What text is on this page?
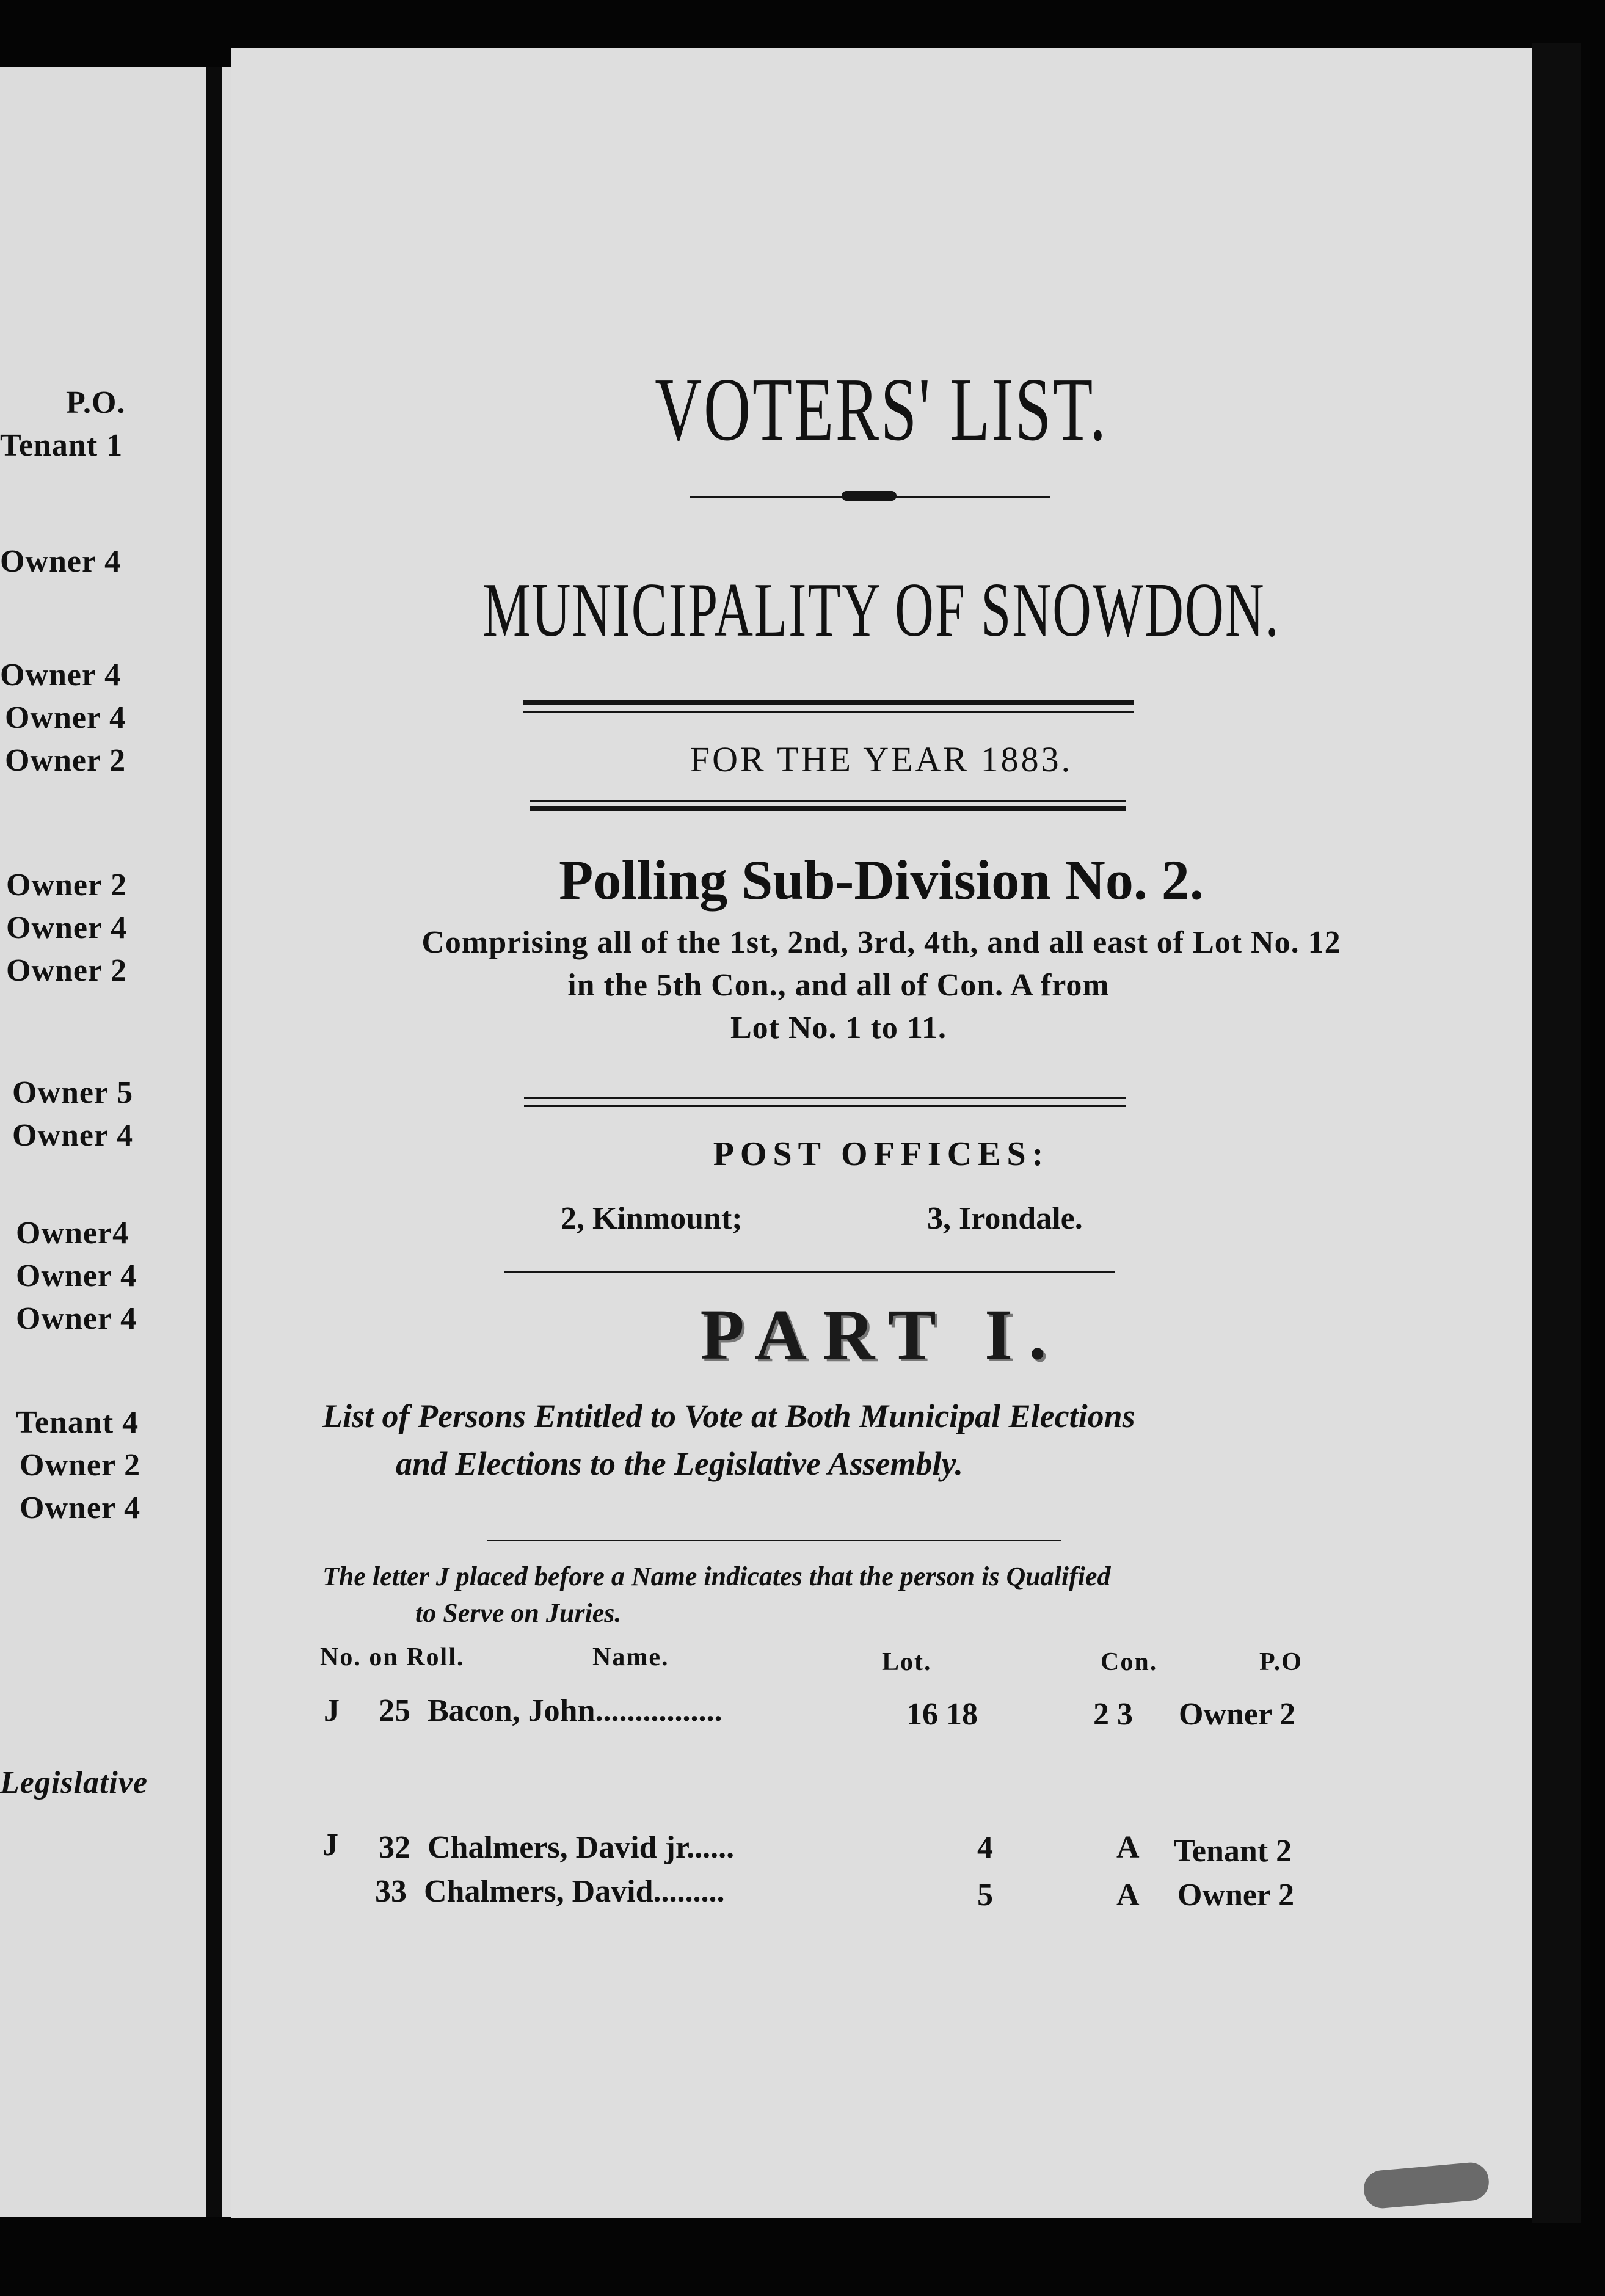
P.O.
Tenant 1
Owner 4
Owner 4
Owner 4
Owner 2
Owner 2
Owner 4
Owner 2
Owner 5
Owner 4
Owner4
Owner 4
Owner 4
Tenant 4
Owner 2
Owner 4
Legislative
VOTERS' LIST.
MUNICIPALITY OF SNOWDON.
FOR THE YEAR 1883.
Polling Sub-Division No. 2.
Comprising all of the 1st, 2nd, 3rd, 4th, and all east of Lot No. 12
in the 5th Con., and all of Con. A from
Lot No. 1 to 11.
POST OFFICES:
2, Kinmount;	3, Irondale.
PART I.
List of Persons Entitled to Vote at Both Municipal Elections
and Elections to the Legislative Assembly.
The letter J placed before a Name indicates that the person is Qualified
to Serve on Juries.
No. on Roll.	Name.	Lot.	Con.	P.O
J 25 Bacon, John................	16 18	2 3 Owner 2
J 32 Chalmers, David jr......	4	A Tenant 2
33 Chalmers, David.........	5	A Owner 2
